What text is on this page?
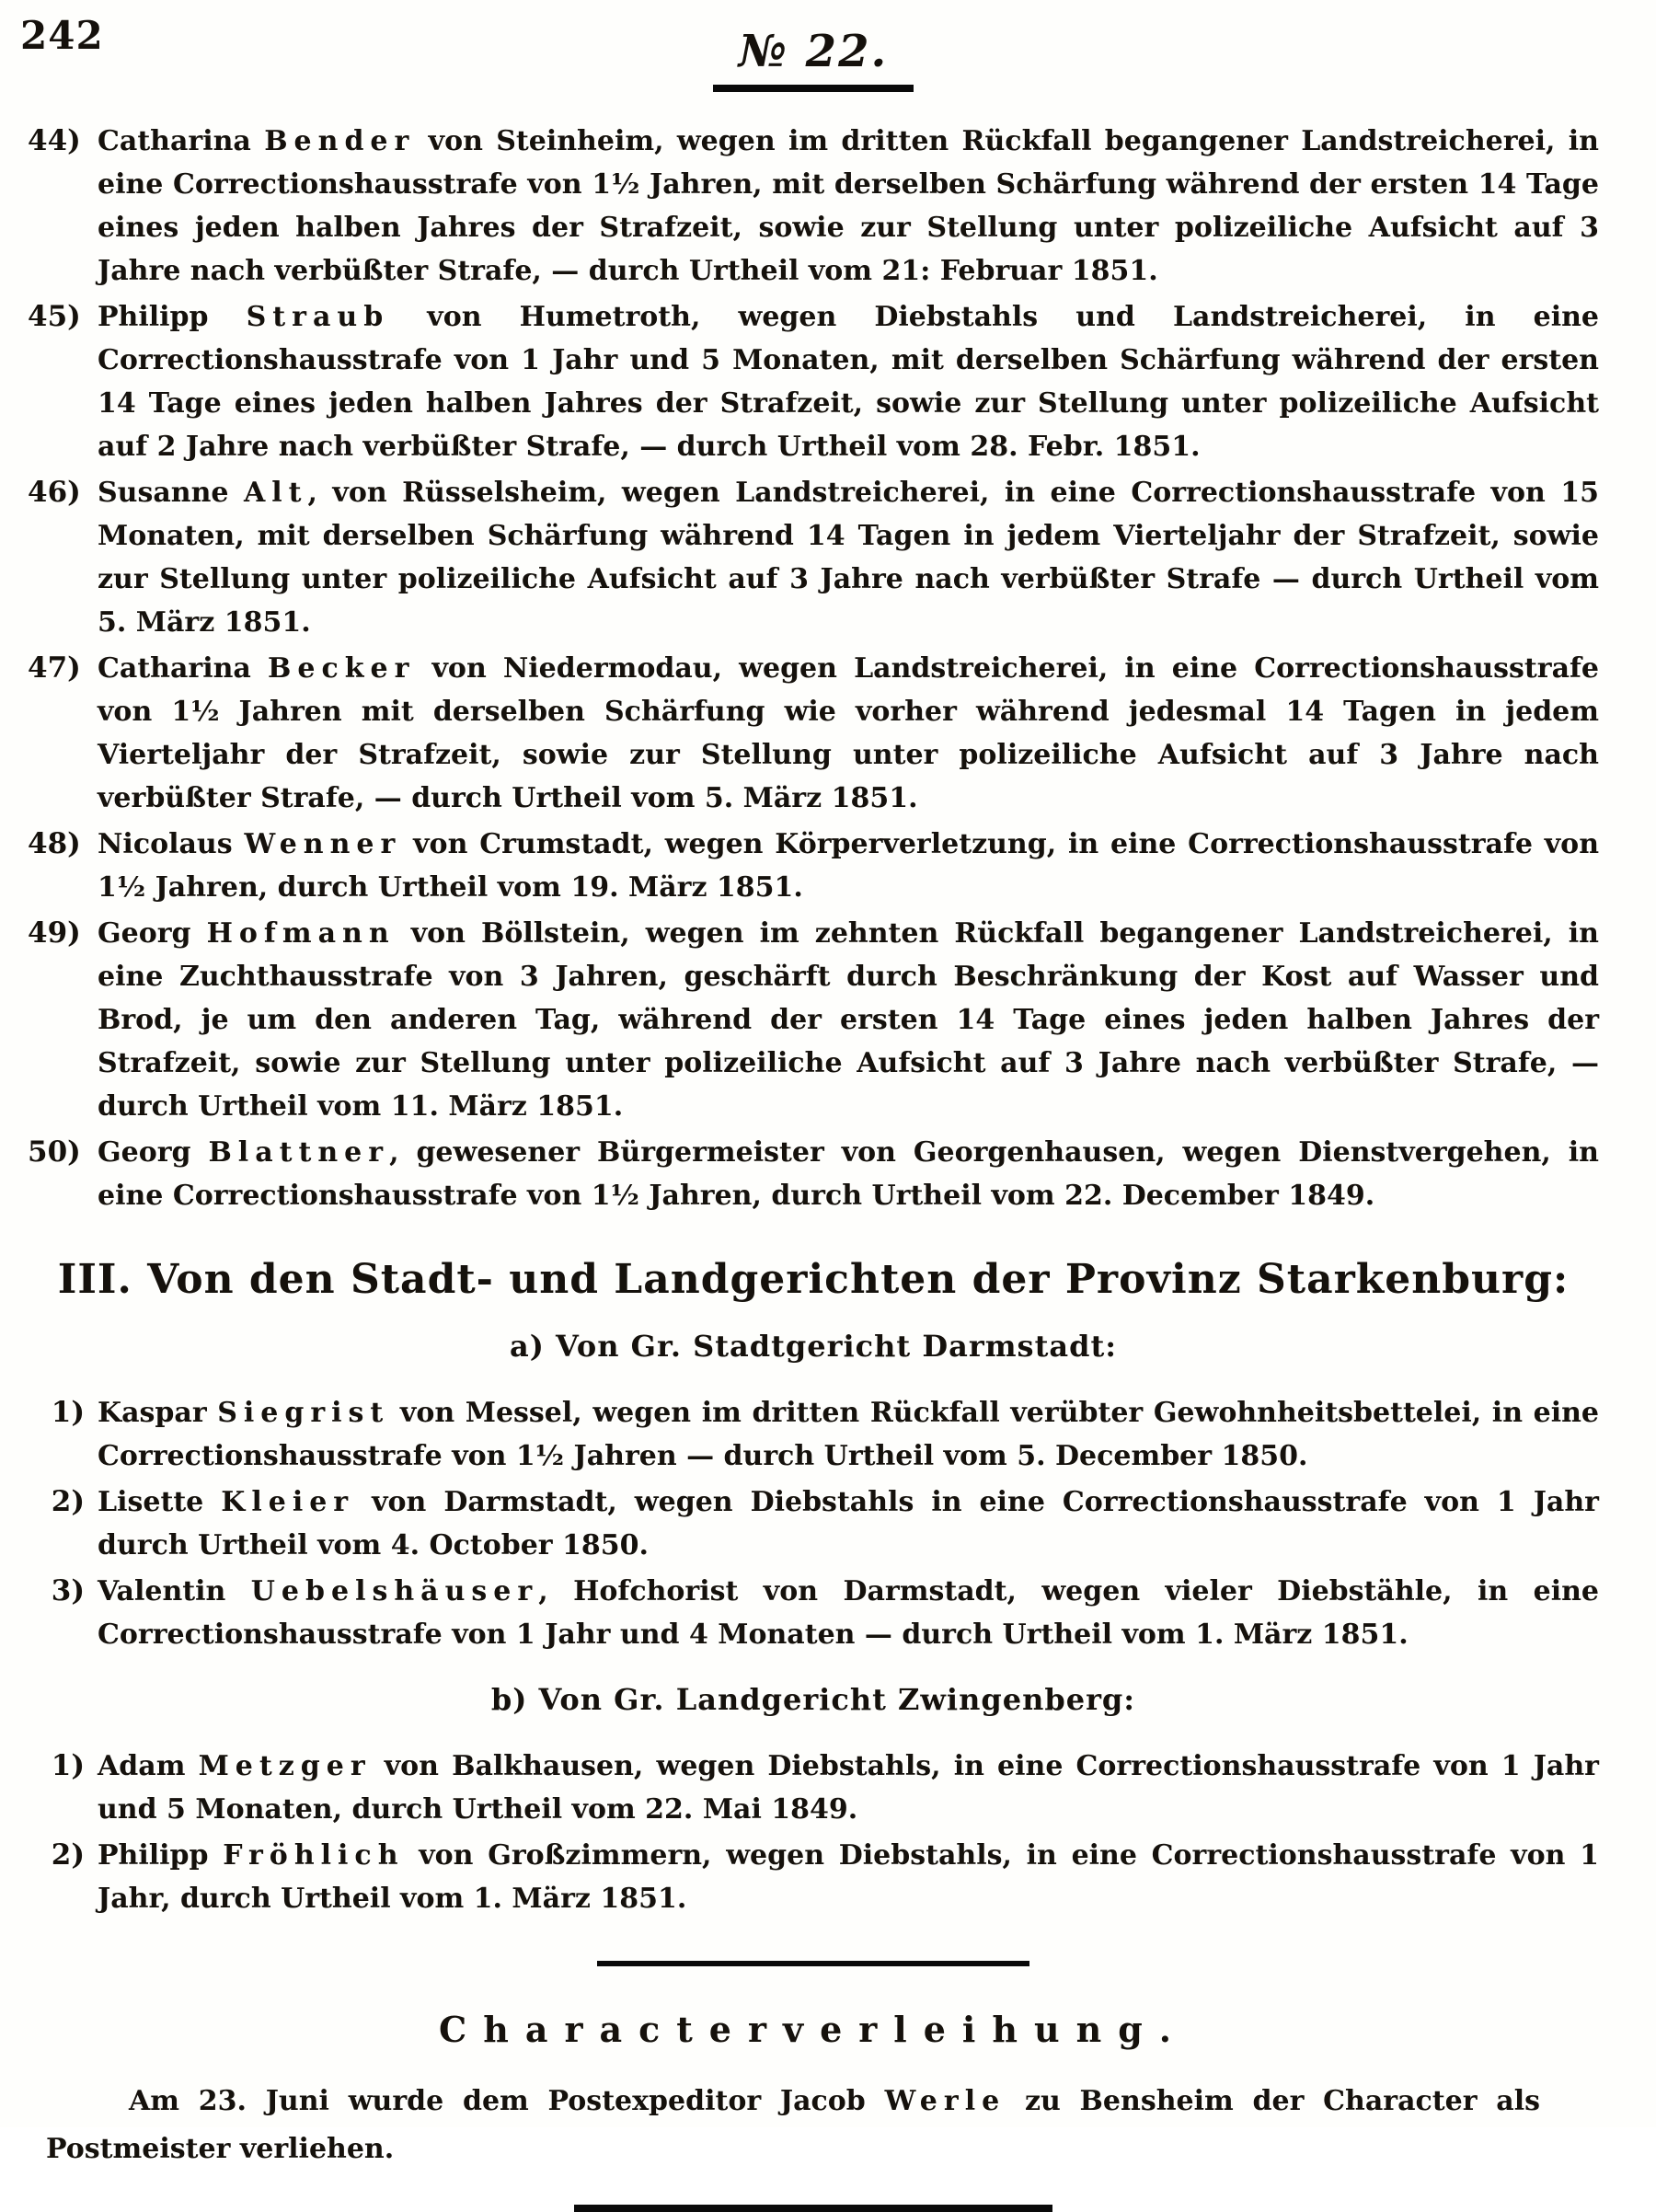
242	№ 22.
44) Catharina Bender von Steinheim, wegen im dritten Rückfall begangener Landstreicherei, in eine Correctionshausstrafe von 1½ Jahren, mit derselben Schärfung während der ersten 14 Tage eines jeden halben Jahres der Strafzeit, sowie zur Stellung unter polizeiliche Aufsicht auf 3 Jahre nach verbüßter Strafe, — durch Urtheil vom 21: Februar 1851.
45) Philipp Straub von Humetroth, wegen Diebstahls und Landstreicherei, in eine Correctionshausstrafe von 1 Jahr und 5 Monaten, mit derselben Schärfung während der ersten 14 Tage eines jeden halben Jahres der Strafzeit, sowie zur Stellung unter polizeiliche Aufsicht auf 2 Jahre nach verbüßter Strafe, — durch Urtheil vom 28. Febr. 1851.
46) Susanne Alt, von Rüsselsheim, wegen Landstreicherei, in eine Correctionshausstrafe von 15 Monaten, mit derselben Schärfung während 14 Tagen in jedem Vierteljahr der Strafzeit, sowie zur Stellung unter polizeiliche Aufsicht auf 3 Jahre nach verbüßter Strafe — durch Urtheil vom 5. März 1851.
47) Catharina Becker von Niedermodau, wegen Landstreicherei, in eine Correctionshausstrafe von 1½ Jahren mit derselben Schärfung wie vorher während jedesmal 14 Tagen in jedem Vierteljahr der Strafzeit, sowie zur Stellung unter polizeiliche Aufsicht auf 3 Jahre nach verbüßter Strafe, — durch Urtheil vom 5. März 1851.
48) Nicolaus Wenner von Crumstadt, wegen Körperverletzung, in eine Correctionshausstrafe von 1½ Jahren, durch Urtheil vom 19. März 1851.
49) Georg Hofmann von Böllstein, wegen im zehnten Rückfall begangener Landstreicherei, in eine Zuchthausstrafe von 3 Jahren, geschärft durch Beschränkung der Kost auf Wasser und Brod, je um den anderen Tag, während der ersten 14 Tage eines jeden halben Jahres der Strafzeit, sowie zur Stellung unter polizeiliche Aufsicht auf 3 Jahre nach verbüßter Strafe, — durch Urtheil vom 11. März 1851.
50) Georg Blattner, gewesener Bürgermeister von Georgenhausen, wegen Dienstvergehen, in eine Correctionshausstrafe von 1½ Jahren, durch Urtheil vom 22. December 1849.
III. Von den Stadt- und Landgerichten der Provinz Starkenburg:
a) Von Gr. Stadtgericht Darmstadt:
1) Kaspar Siegrist von Messel, wegen im dritten Rückfall verübter Gewohnheitsbettelei, in eine Correctionshausstrafe von 1½ Jahren — durch Urtheil vom 5. December 1850.
2) Lisette Kleier von Darmstadt, wegen Diebstahls in eine Correctionshausstrafe von 1 Jahr durch Urtheil vom 4. October 1850.
3) Valentin Uebelshäuser, Hofchorist von Darmstadt, wegen vieler Diebstähle, in eine Correctionshausstrafe von 1 Jahr und 4 Monaten — durch Urtheil vom 1. März 1851.
b) Von Gr. Landgericht Zwingenberg:
1) Adam Metzger von Balkhausen, wegen Diebstahls, in eine Correctionshausstrafe von 1 Jahr und 5 Monaten, durch Urtheil vom 22. Mai 1849.
2) Philipp Fröhlich von Großzimmern, wegen Diebstahls, in eine Correctionshausstrafe von 1 Jahr, durch Urtheil vom 1. März 1851.
Characterverleihung.

Am 23. Juni wurde dem Postexpeditor Jacob Werle zu Bensheim der Character als Postmeister verliehen.
